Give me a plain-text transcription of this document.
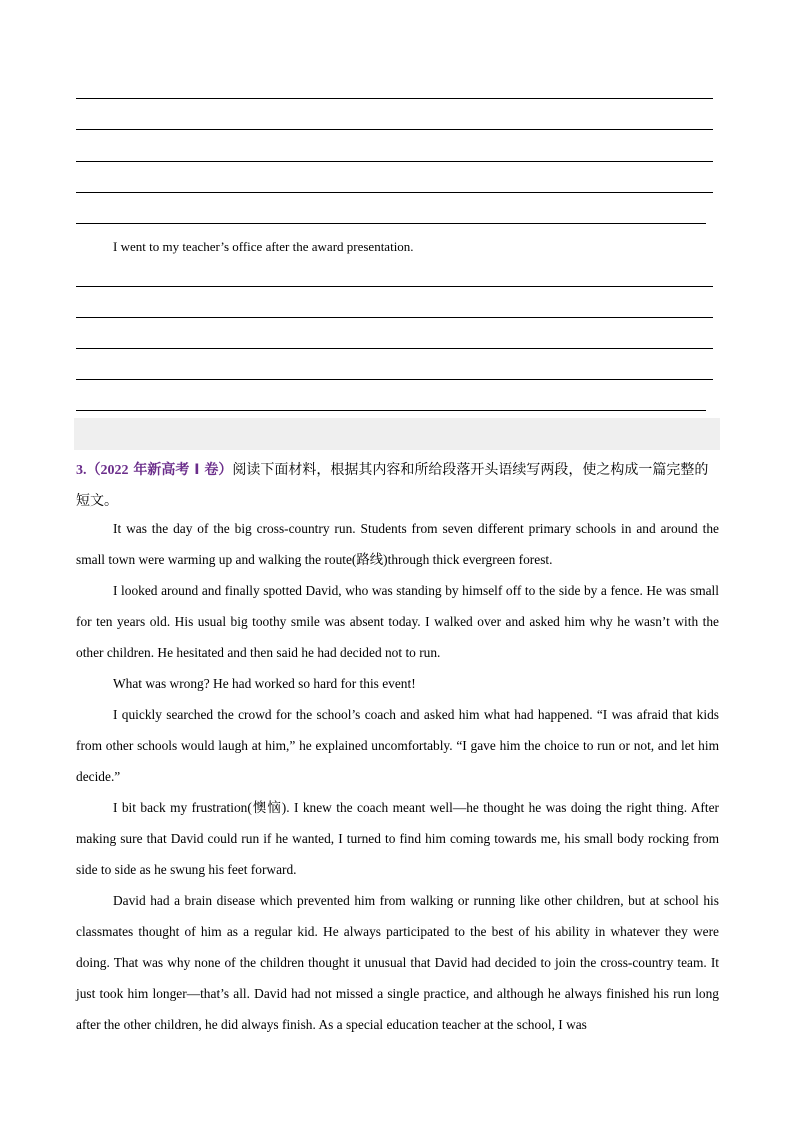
I went to my teacher’s office after the award presentation.
3.（2022 年新高考 I 卷）阅读下面材料，根据其内容和所给段落开头语续写两段，使之构成一篇完整的短文。

It was the day of the big cross-country run. Students from seven different primary schools in and around the small town were warming up and walking the route(路线)through thick evergreen forest.

I looked around and finally spotted David, who was standing by himself off to the side by a fence. He was small for ten years old. His usual big toothy smile was absent today. I walked over and asked him why he wasn’t with the other children. He hesitated and then said he had decided not to run.

What was wrong? He had worked so hard for this event!

I quickly searched the crowd for the school’s coach and asked him what had happened. “I was afraid that kids from other schools would laugh at him,” he explained uncomfortably. “I gave him the choice to run or not, and let him decide.”

I bit back my frustration(懊恼). I knew the coach meant well—he thought he was doing the right thing. After making sure that David could run if he wanted, I turned to find him coming towards me, his small body rocking from side to side as he swung his feet forward.

David had a brain disease which prevented him from walking or running like other children, but at school his classmates thought of him as a regular kid. He always participated to the best of his ability in whatever they were doing. That was why none of the children thought it unusual that David had decided to join the cross-country team. It just took him longer—that’s all. David had not missed a single practice, and although he always finished his run long after the other children, he did always finish. As a special education teacher at the school, I was
